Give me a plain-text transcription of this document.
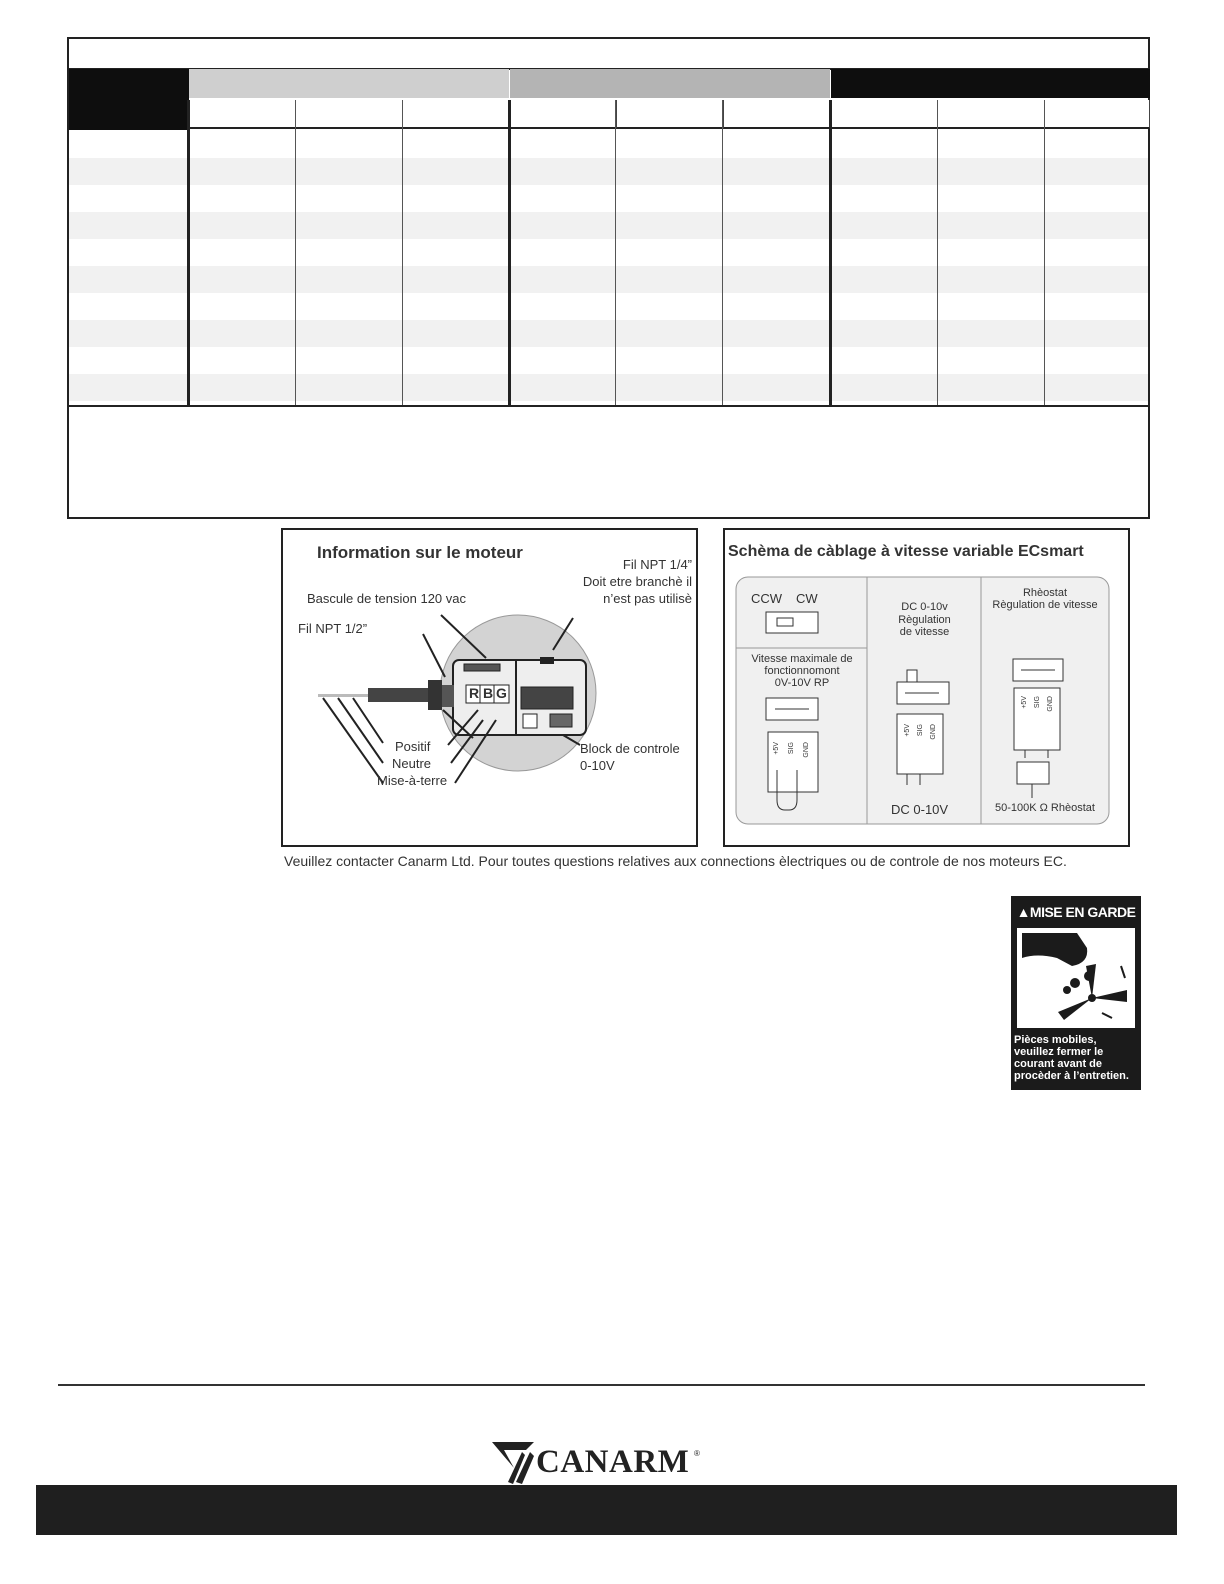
Information sur le moteur
Fil NPT 1/4”
Doit etre branchè il
n’est pas utilisè
Bascule de tension 120 vac
Fil NPT 1/2”
R B G
Positif
Neutre
Mise-à-terre
Block de controle
0-10V
Schèma de càblage à vitesse variable ECsmart
CCW CW
Vitesse maximale de
fonctionnomont
0V-10V RP
DC 0-10v
Règulation
de vitesse
Rhèostat
Règulation de vitesse
+5V	SIG	GND
+5V SIG GND
+5V SIG GND
DC 0-10V	50-100K Ω Rhèostat
Veuillez contacter Canarm Ltd. Pour toutes questions relatives aux connections èlectriques ou de controle de nos moteurs EC.
▲MISE EN GARDE
Pièces mobiles,
veuillez fermer le
courant avant de
procèder à l’entretien.
CANARM ®
